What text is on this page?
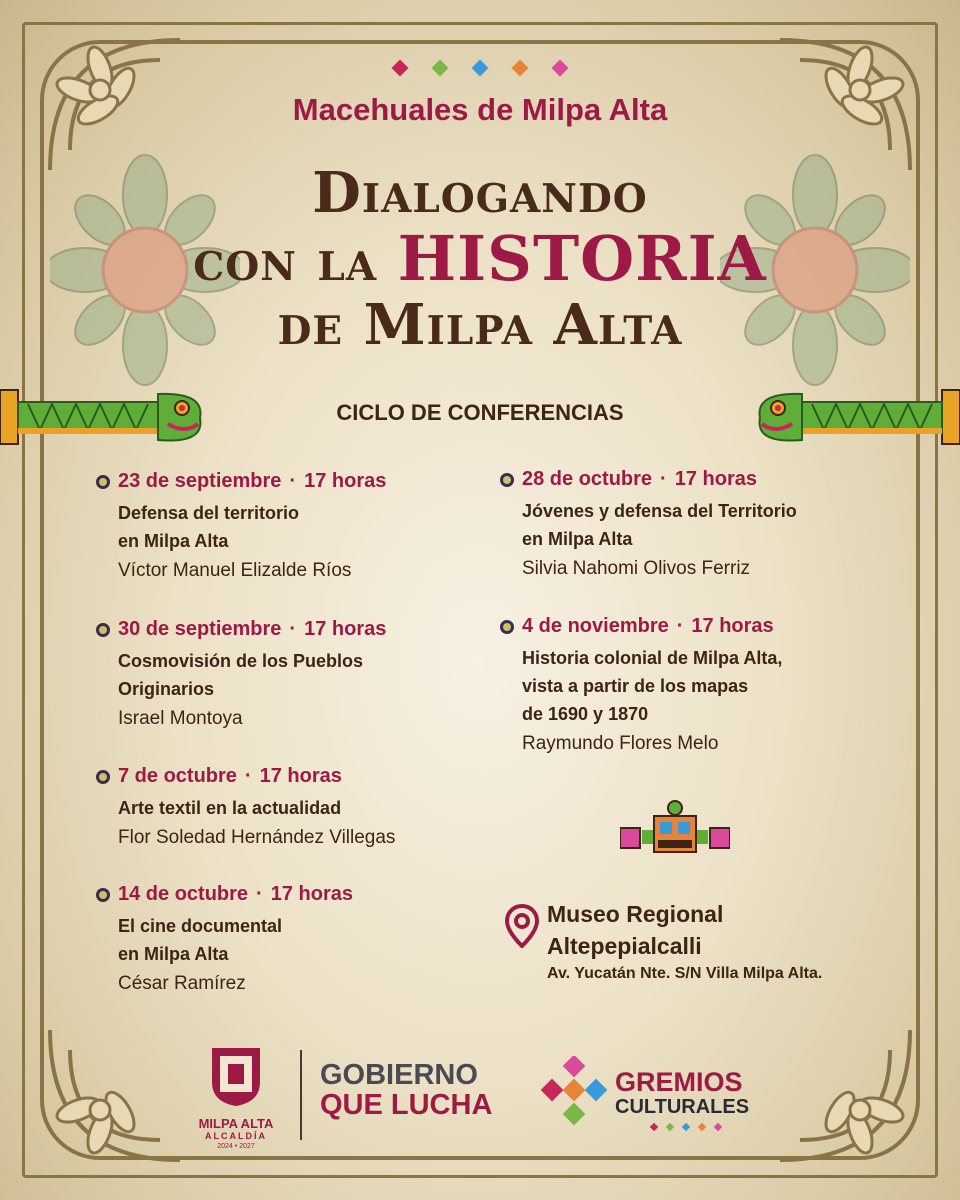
Macehuales de Milpa Alta
Dialogando
con la HISTORIA
de Milpa Alta
CICLO DE CONFERENCIAS
23 de septiembre · 17 horas
Defensa del territorio
en Milpa Alta
Víctor Manuel Elizalde Ríos
30 de septiembre · 17 horas
Cosmovisión de los Pueblos
Originarios
Israel Montoya
7 de octubre · 17 horas
Arte textil en la actualidad
Flor Soledad Hernández Villegas
14 de octubre · 17 horas
El cine documental
en Milpa Alta
César Ramírez
28 de octubre · 17 horas
Jóvenes y defensa del Territorio
en Milpa Alta
Silvia Nahomi Olivos Ferriz
4 de noviembre · 17 horas
Historia colonial de Milpa Alta,
vista a partir de los mapas
de 1690 y 1870
Raymundo Flores Melo
Museo Regional
Altepepialcalli
Av. Yucatán Nte. S/N Villa Milpa Alta.
MILPA ALTA
ALCALDÍA
2024 • 2027
GOBIERNO
QUE LUCHA
GREMIOS
CULTURALES
